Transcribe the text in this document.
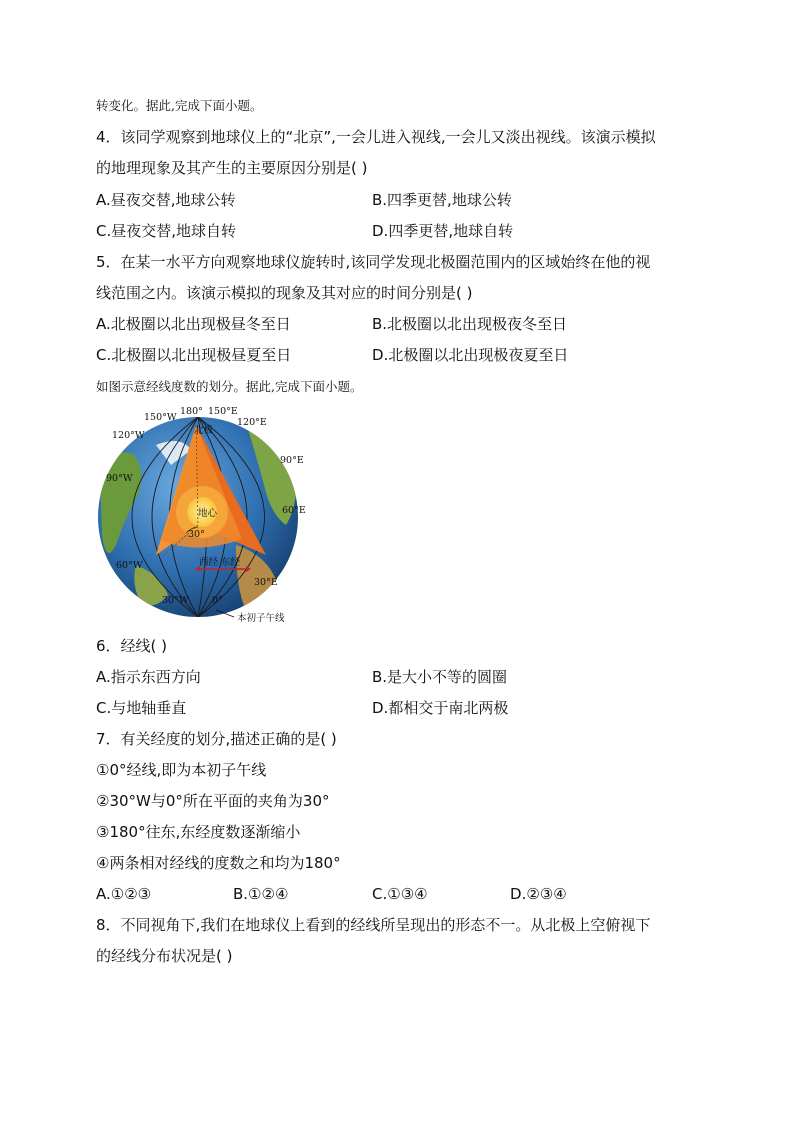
转变化。据此,完成下面小题。
4．该同学观察到地球仪上的“北京”,一会儿进入视线,一会儿又淡出视线。该演示模拟
的地理现象及其产生的主要原因分别是( )
A.昼夜交替,地球公转	B.四季更替,地球公转
C.昼夜交替,地球自转	D.四季更替,地球自转
5．在某一水平方向观察地球仪旋转时,该同学发现北极圈范围内的区域始终在他的视
线范围之内。该演示模拟的现象及其对应的时间分别是( )
A.北极圈以北出现极昼冬至日	B.北极圈以北出现极夜冬至日
C.北极圈以北出现极昼夏至日	D.北极圈以北出现极夜夏至日
如图示意经线度数的划分。据此,完成下面小题。
150°W
180° 150°E
120°W
120°E
北极
90°E
90°W
地心	60°E
30°
西经 东经
60°W
30°E
30°W 0°
本初子午线
6．经线( )
A.指示东西方向	B.是大小不等的圆圈
C.与地轴垂直	D.都相交于南北两极
7．有关经度的划分,描述正确的是( )
①0°经线,即为本初子午线
②30°W与0°所在平面的夹角为30°
③180°往东,东经度数逐渐缩小
④两条相对经线的度数之和均为180°
A.①②③	B.①②④	C.①③④	D.②③④
8．不同视角下,我们在地球仪上看到的经线所呈现出的形态不一。从北极上空俯视下
的经线分布状况是( )
